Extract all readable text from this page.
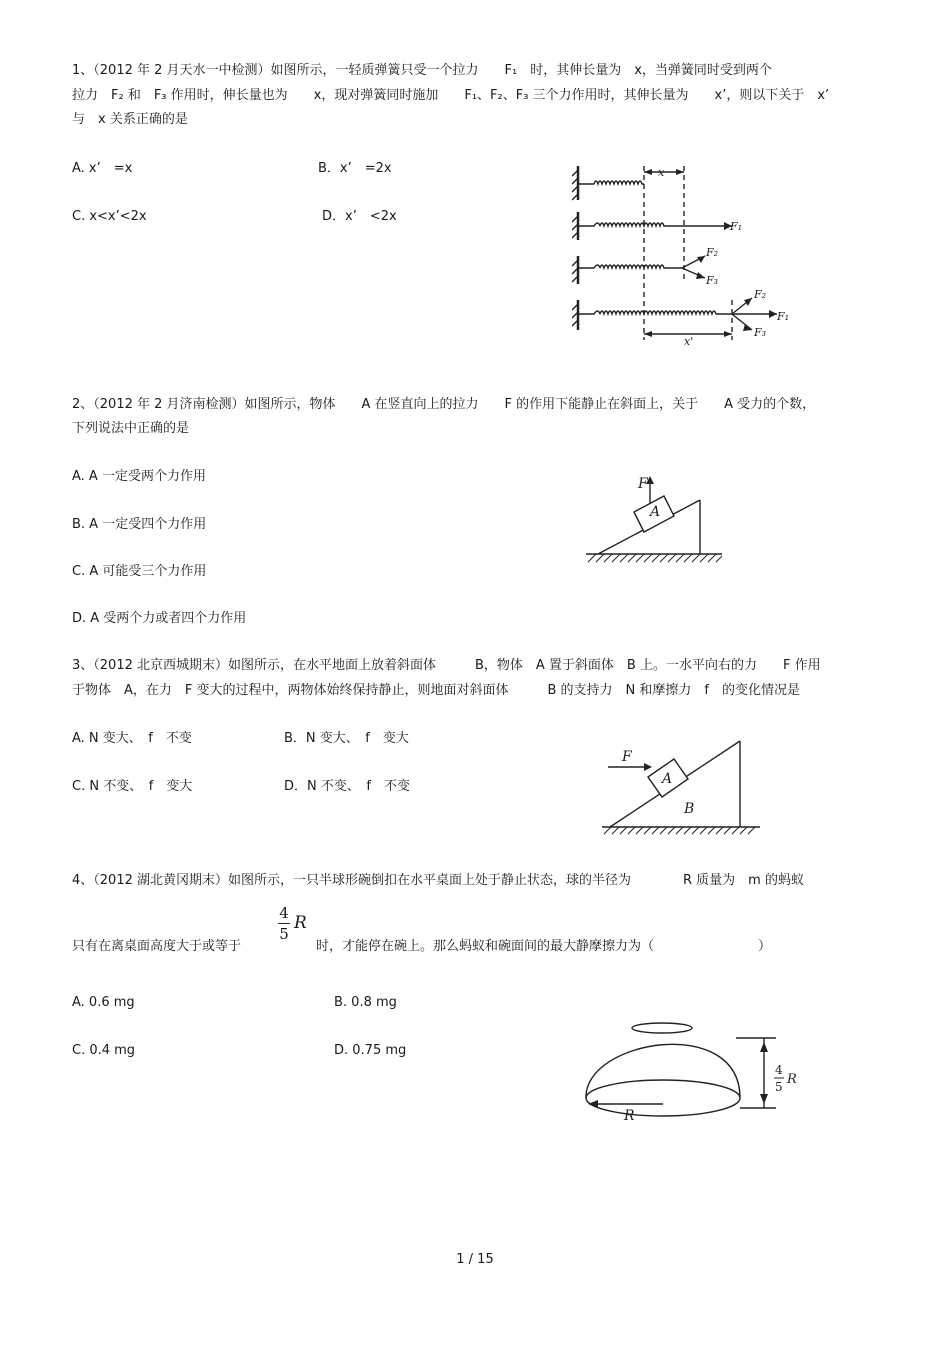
1、（2012 年 2 月天水一中检测）如图所示，一轻质弹簧只受一个拉力　　F₁　时，其伸长量为　x，当弹簧同时受到两个
拉力　F₂ 和　F₃ 作用时，伸长量也为　　x，现对弹簧同时施加　　F₁、F₂、F₃ 三个力作用时，其伸长量为　　x’，则以下关于　x’
与　x 关系正确的是
A. x’　=x	B．x’　=2x
C. x<x’<2x	D．x’　<2x
x
x'
F₁
F₂
F₃
F₁
F₂
F₃
2、（2012 年 2 月济南检测）如图所示，物体　　A 在竖直向上的拉力　　F 的作用下能静止在斜面上，关于　　A 受力的个数，
下列说法中正确的是
A. A 一定受两个力作用
B. A 一定受四个力作用
C. A 可能受三个力作用
D. A 受两个力或者四个力作用
F
A
3、（2012 北京西城期末）如图所示，在水平地面上放着斜面体　　　B，物体　A 置于斜面体　B 上。一水平向右的力　　F 作用
于物体　A，在力　F 变大的过程中，两物体始终保持静止，则地面对斜面体　　　B 的支持力　N 和摩擦力　f　的变化情况是
A. N 变大、　f　不变	B．N 变大、　f　变大
C. N 不变、　f　变大	D．N 不变、　f　不变
F
A
B
4、（2012 湖北黄冈期末）如图所示，一只半球形碗倒扣在水平桌面上处于静止状态，球的半径为　　　　R 质量为　m 的蚂蚁
只有在离桌面高度大于或等于
4
5
R
时，才能停在碗上。那么蚂蚁和碗面间的最大静摩擦力为（　　　　　　　　）
A. 0.6 mg	B. 0.8 mg
C. 0.4 mg	D. 0.75 mg
R
4
5 R
1 / 15
